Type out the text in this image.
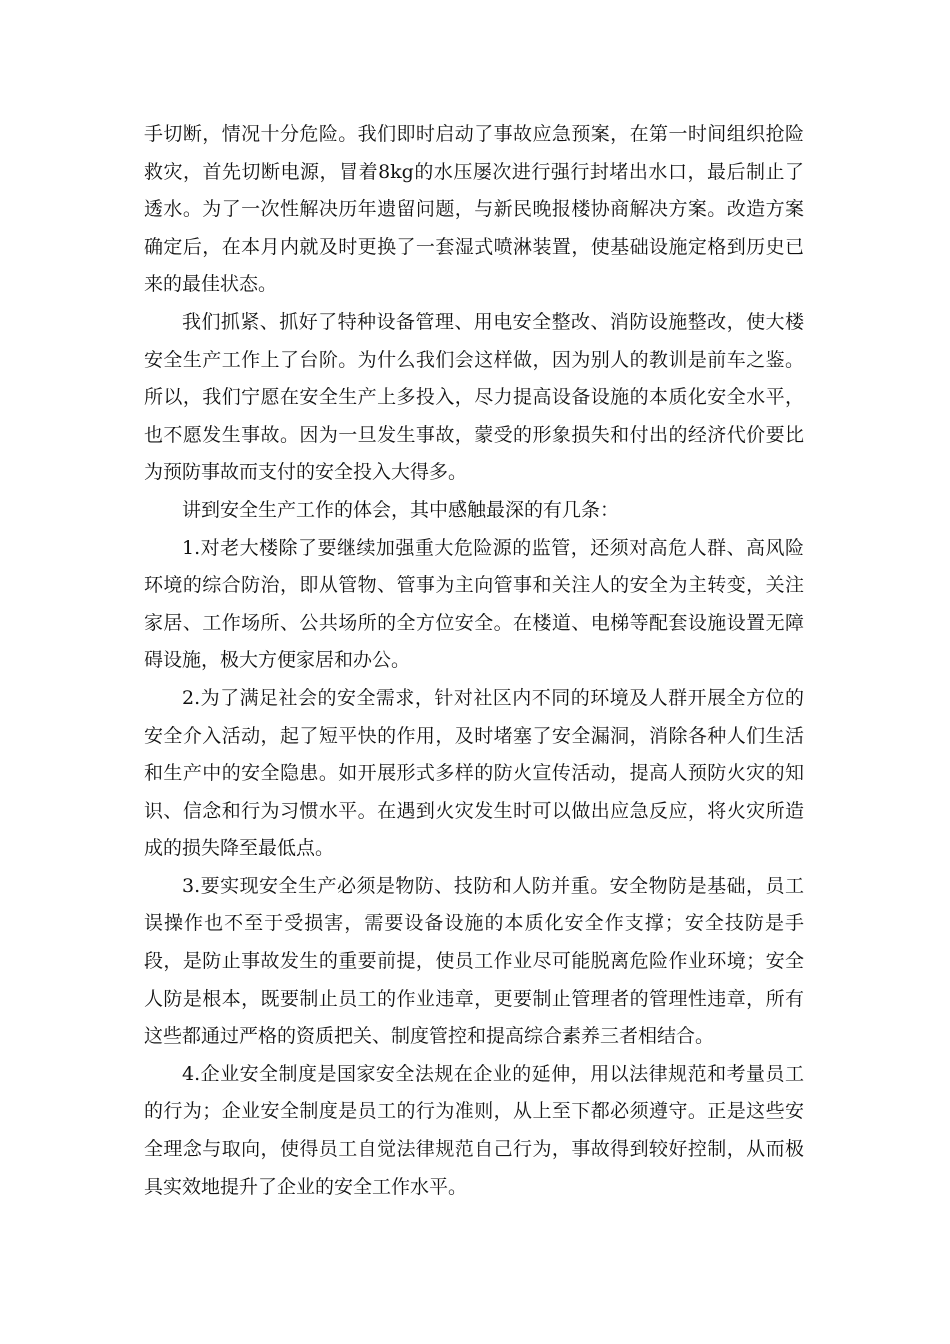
手切断，情况十分危险。我们即时启动了事故应急预案，在第一时间组织抢险救灾，首先切断电源，冒着8kg的水压屡次进行强行封堵出水口，最后制止了透水。为了一次性解决历年遗留问题，与新民晚报楼协商解决方案。改造方案确定后，在本月内就及时更换了一套湿式喷淋装置，使基础设施定格到历史已来的最佳状态。

我们抓紧、抓好了特种设备管理、用电安全整改、消防设施整改，使大楼安全生产工作上了台阶。为什么我们会这样做，因为别人的教训是前车之鉴。所以，我们宁愿在安全生产上多投入，尽力提高设备设施的本质化安全水平，也不愿发生事故。因为一旦发生事故，蒙受的形象损失和付出的经济代价要比为预防事故而支付的安全投入大得多。

讲到安全生产工作的体会，其中感触最深的有几条：

1.对老大楼除了要继续加强重大危险源的监管，还须对高危人群、高风险环境的综合防治，即从管物、管事为主向管事和关注人的安全为主转变，关注家居、工作场所、公共场所的全方位安全。在楼道、电梯等配套设施设置无障碍设施，极大方便家居和办公。

2.为了满足社会的安全需求，针对社区内不同的环境及人群开展全方位的安全介入活动，起了短平快的作用，及时堵塞了安全漏洞，消除各种人们生活和生产中的安全隐患。如开展形式多样的防火宣传活动，提高人预防火灾的知识、信念和行为习惯水平。在遇到火灾发生时可以做出应急反应，将火灾所造成的损失降至最低点。

3.要实现安全生产必须是物防、技防和人防并重。安全物防是基础，员工误操作也不至于受损害，需要设备设施的本质化安全作支撑；安全技防是手段，是防止事故发生的重要前提，使员工作业尽可能脱离危险作业环境；安全人防是根本，既要制止员工的作业违章，更要制止管理者的管理性违章，所有这些都通过严格的资质把关、制度管控和提高综合素养三者相结合。

4.企业安全制度是国家安全法规在企业的延伸，用以法律规范和考量员工的行为；企业安全制度是员工的行为准则，从上至下都必须遵守。正是这些安全理念与取向，使得员工自觉法律规范自己行为，事故得到较好控制，从而极具实效地提升了企业的安全工作水平。
